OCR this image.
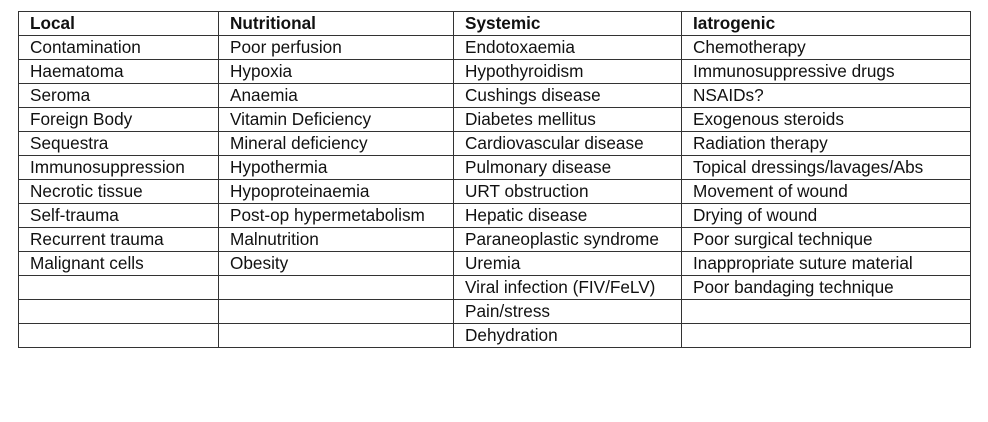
Local	Nutritional	Systemic	Iatrogenic
Contamination	Poor perfusion	Endotoxaemia	Chemotherapy
Haematoma	Hypoxia	Hypothyroidism	Immunosuppressive drugs
Seroma	Anaemia	Cushings disease	NSAIDs?
Foreign Body	Vitamin Deficiency	Diabetes mellitus	Exogenous steroids
Sequestra	Mineral deficiency	Cardiovascular disease	Radiation therapy
Immunosuppression	Hypothermia	Pulmonary disease	Topical dressings/lavages/Abs
Necrotic tissue	Hypoproteinaemia	URT obstruction	Movement of wound
Self-trauma	Post-op hypermetabolism	Hepatic disease	Drying of wound
Recurrent trauma	Malnutrition	Paraneoplastic syndrome	Poor surgical technique
Malignant cells	Obesity	Uremia	Inappropriate suture material
		Viral infection (FIV/FeLV)	Poor bandaging technique
		Pain/stress	
		Dehydration	
